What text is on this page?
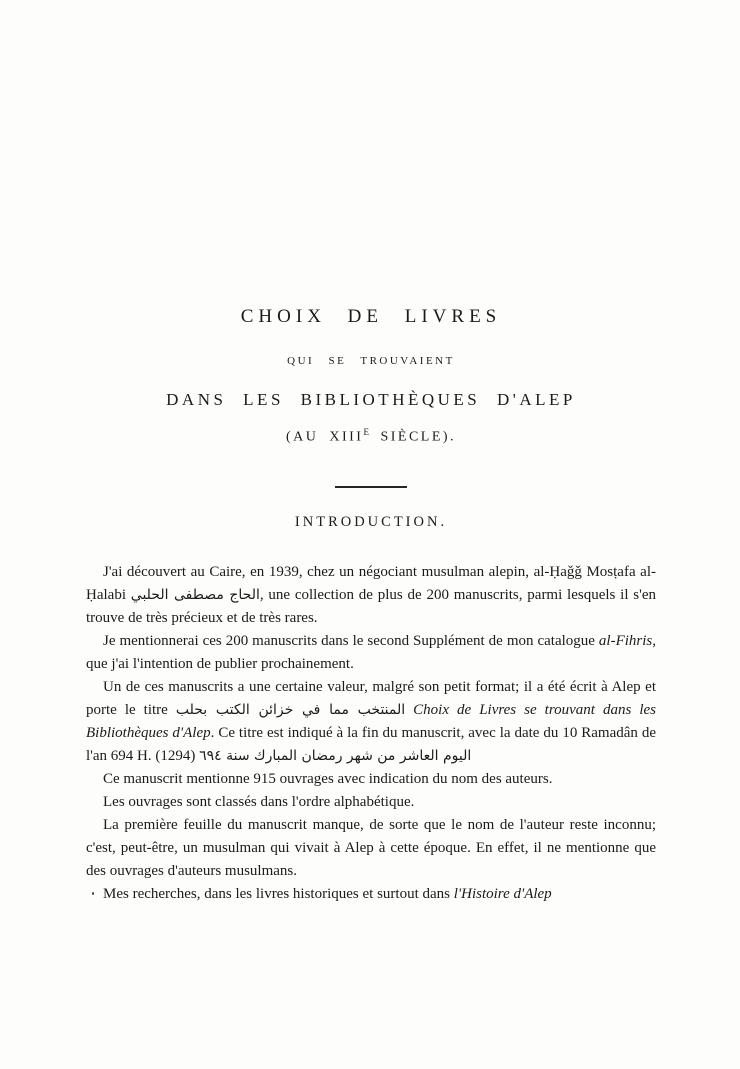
CHOIX DE LIVRES
QUI SE TROUVAIENT
DANS LES BIBLIOTHÈQUES D'ALEP
(AU $XIII^E$ SIÈCLE).
INTRODUCTION.

J'ai découvert au Caire, en 1939, chez un négociant musulman alepin, al-Ḥaǧǧ Mosṭafa al-Ḥalabi الحاج مصطفى الحلبي, une collection de plus de 200 manuscrits, parmi lesquels il s'en trouve de très précieux et de très rares.

Je mentionnerai ces 200 manuscrits dans le second Supplément de mon catalogue al-Fihris, que j'ai l'intention de publier prochainement.

Un de ces manuscrits a une certaine valeur, malgré son petit format; il a été écrit à Alep et porte le titre المنتخب مما في خزائن الكتب بحلب Choix de Livres se trouvant dans les Bibliothèques d'Alep. Ce titre est indiqué à la fin du manuscrit, avec la date du 10 Ramadân de l'an 694 H. (1294) اليوم العاشر من شهر رمضان المبارك سنة ٦٩٤

Ce manuscrit mentionne 915 ouvrages avec indication du nom des auteurs.

Les ouvrages sont classés dans l'ordre alphabétique.

La première feuille du manuscrit manque, de sorte que le nom de l'auteur reste inconnu; c'est, peut-être, un musulman qui vivait à Alep à cette époque. En effet, il ne mentionne que des ouvrages d'auteurs musulmans.

Mes recherches, dans les livres historiques et surtout dans l'Histoire d'Alep
